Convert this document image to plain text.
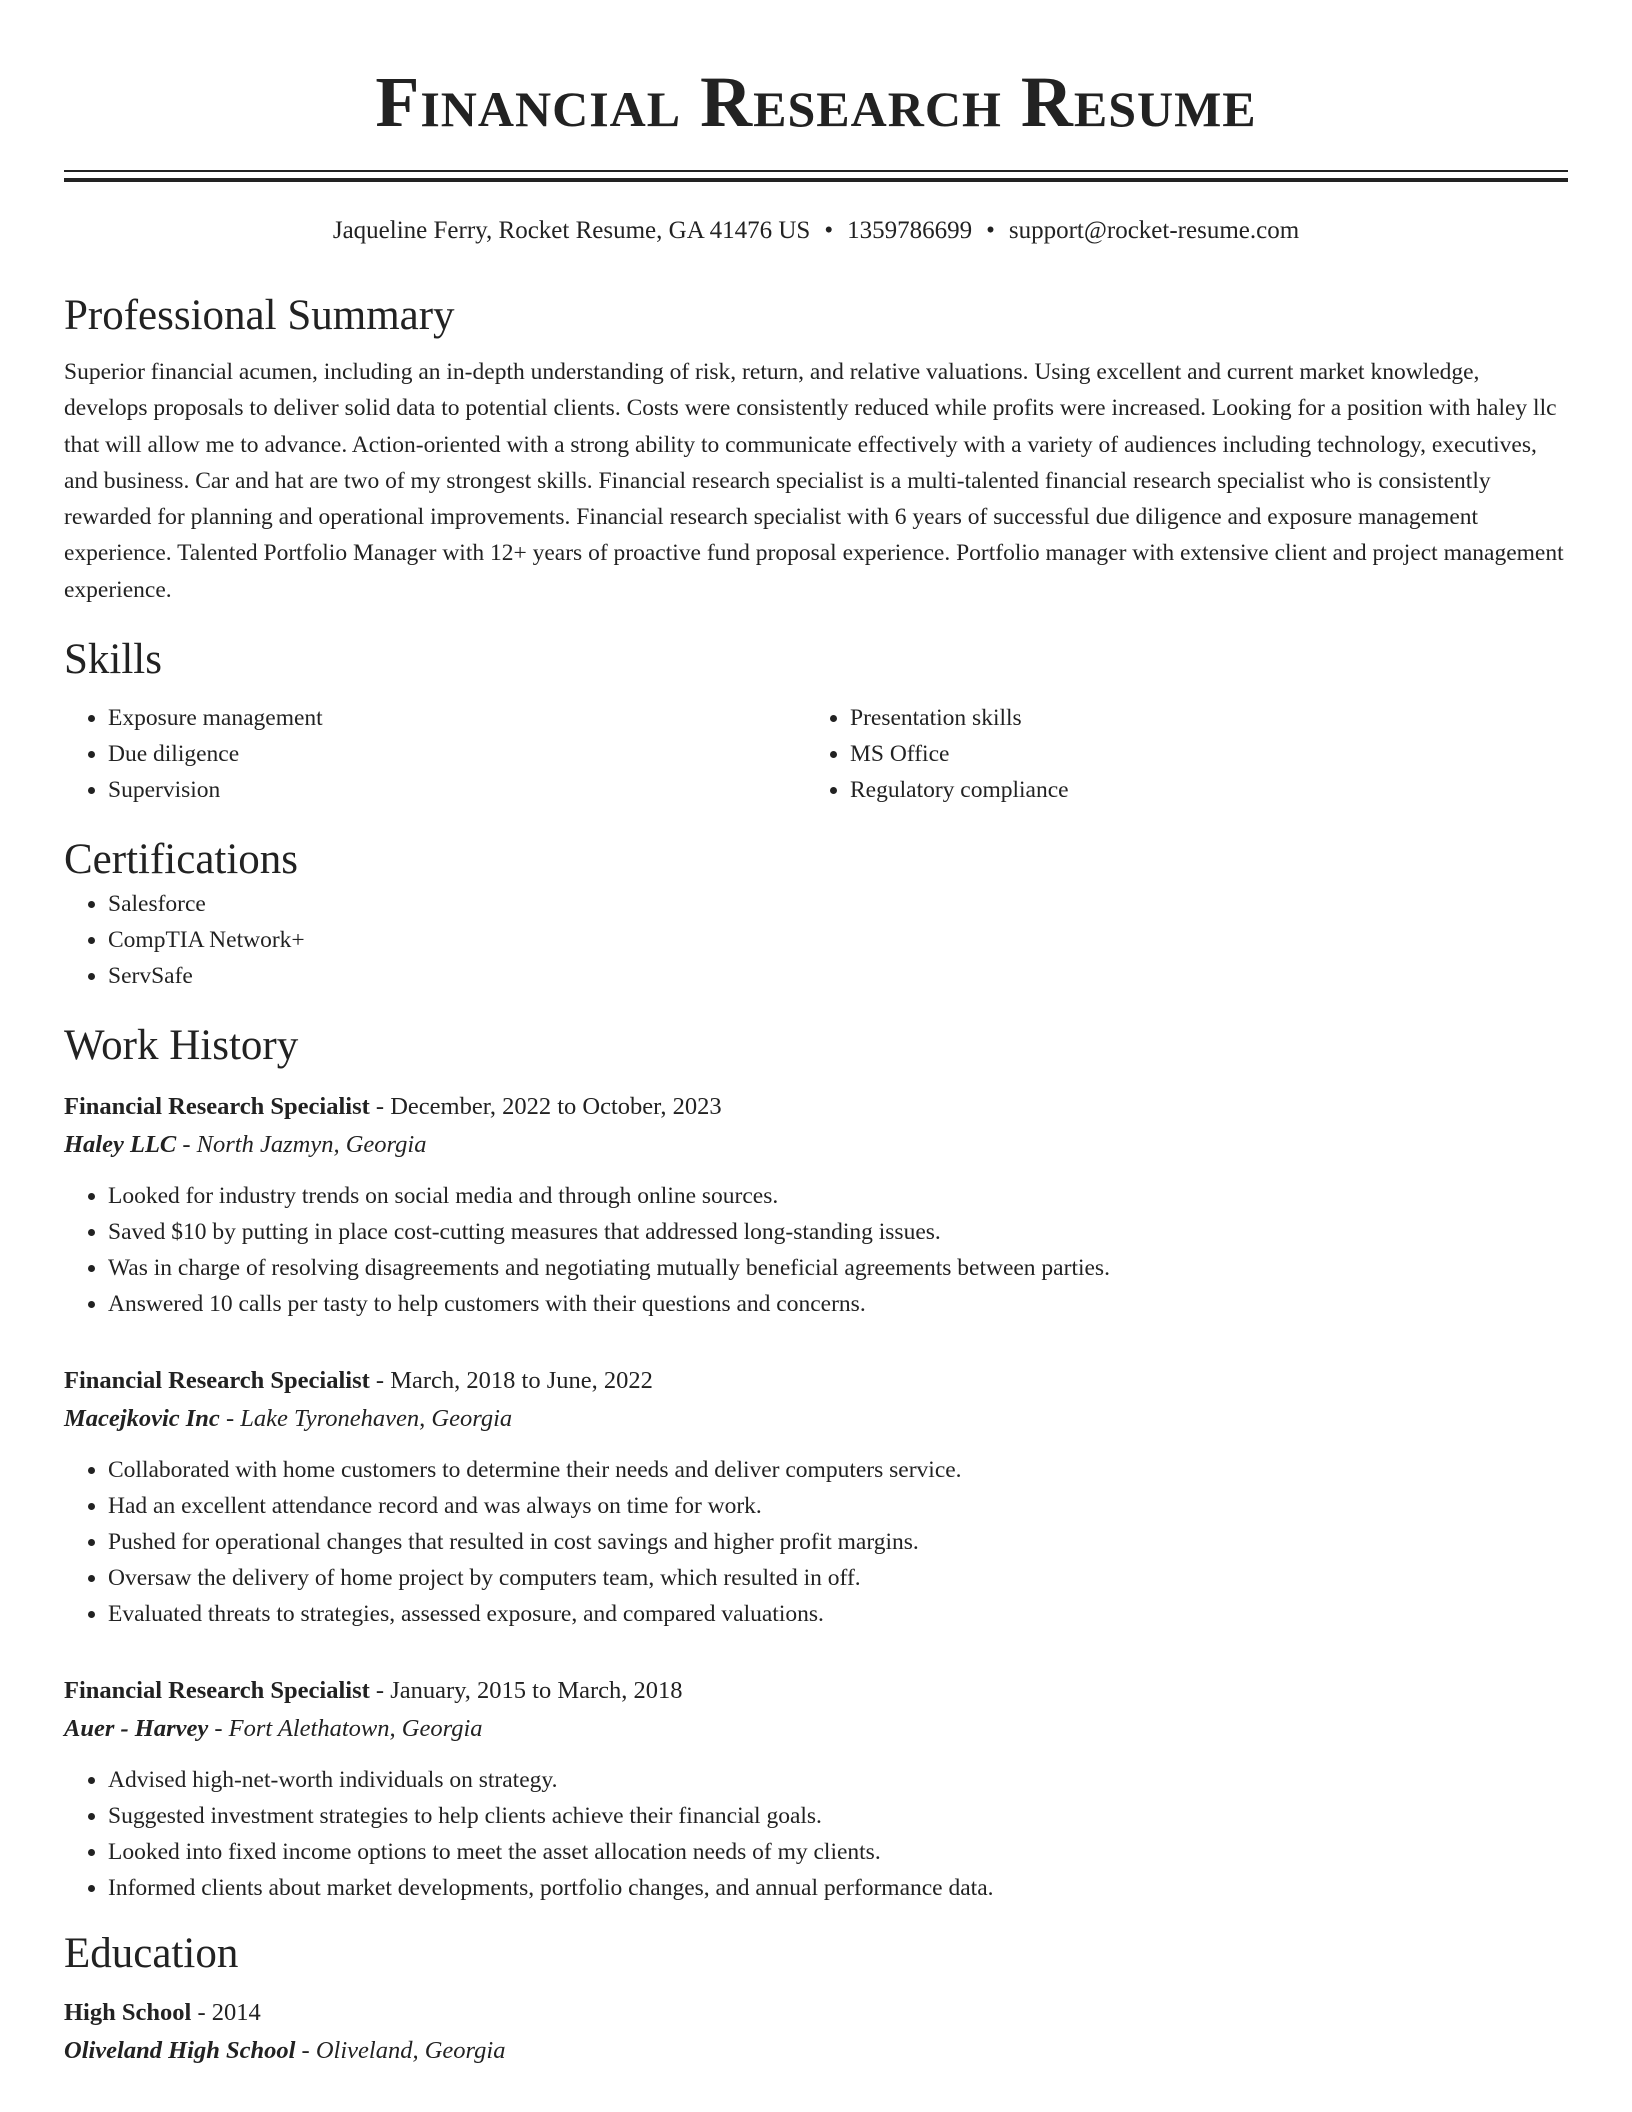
Financial Research Resume
Jaqueline Ferry, Rocket Resume, GA 41476 US • 1359786699 • support@rocket-resume.com
Professional Summary

Superior financial acumen, including an in-depth understanding of risk, return, and relative valuations. Using excellent and current market knowledge, develops proposals to deliver solid data to potential clients. Costs were consistently reduced while profits were increased. Looking for a position with haley llc that will allow me to advance. Action-oriented with a strong ability to communicate effectively with a variety of audiences including technology, executives, and business. Car and hat are two of my strongest skills. Financial research specialist is a multi-talented financial research specialist who is consistently rewarded for planning and operational improvements. Financial research specialist with 6 years of successful due diligence and exposure management experience. Talented Portfolio Manager with 12+ years of proactive fund proposal experience. Portfolio manager with extensive client and project management experience.

Skills
• Exposure management
• Due diligence
• Supervision
• Presentation skills
• MS Office
• Regulatory compliance
Certifications
• Salesforce
• CompTIA Network+
• ServSafe
Work History
Financial Research Specialist - December, 2022 to October, 2023
Haley LLC - North Jazmyn, Georgia
• Looked for industry trends on social media and through online sources.
• Saved $10 by putting in place cost-cutting measures that addressed long-standing issues.
• Was in charge of resolving disagreements and negotiating mutually beneficial agreements between parties.
• Answered 10 calls per tasty to help customers with their questions and concerns.
Financial Research Specialist - March, 2018 to June, 2022
Macejkovic Inc - Lake Tyronehaven, Georgia
• Collaborated with home customers to determine their needs and deliver computers service.
• Had an excellent attendance record and was always on time for work.
• Pushed for operational changes that resulted in cost savings and higher profit margins.
• Oversaw the delivery of home project by computers team, which resulted in off.
• Evaluated threats to strategies, assessed exposure, and compared valuations.
Financial Research Specialist - January, 2015 to March, 2018
Auer - Harvey - Fort Alethatown, Georgia
• Advised high-net-worth individuals on strategy.
• Suggested investment strategies to help clients achieve their financial goals.
• Looked into fixed income options to meet the asset allocation needs of my clients.
• Informed clients about market developments, portfolio changes, and annual performance data.
Education
High School - 2014
Oliveland High School - Oliveland, Georgia
